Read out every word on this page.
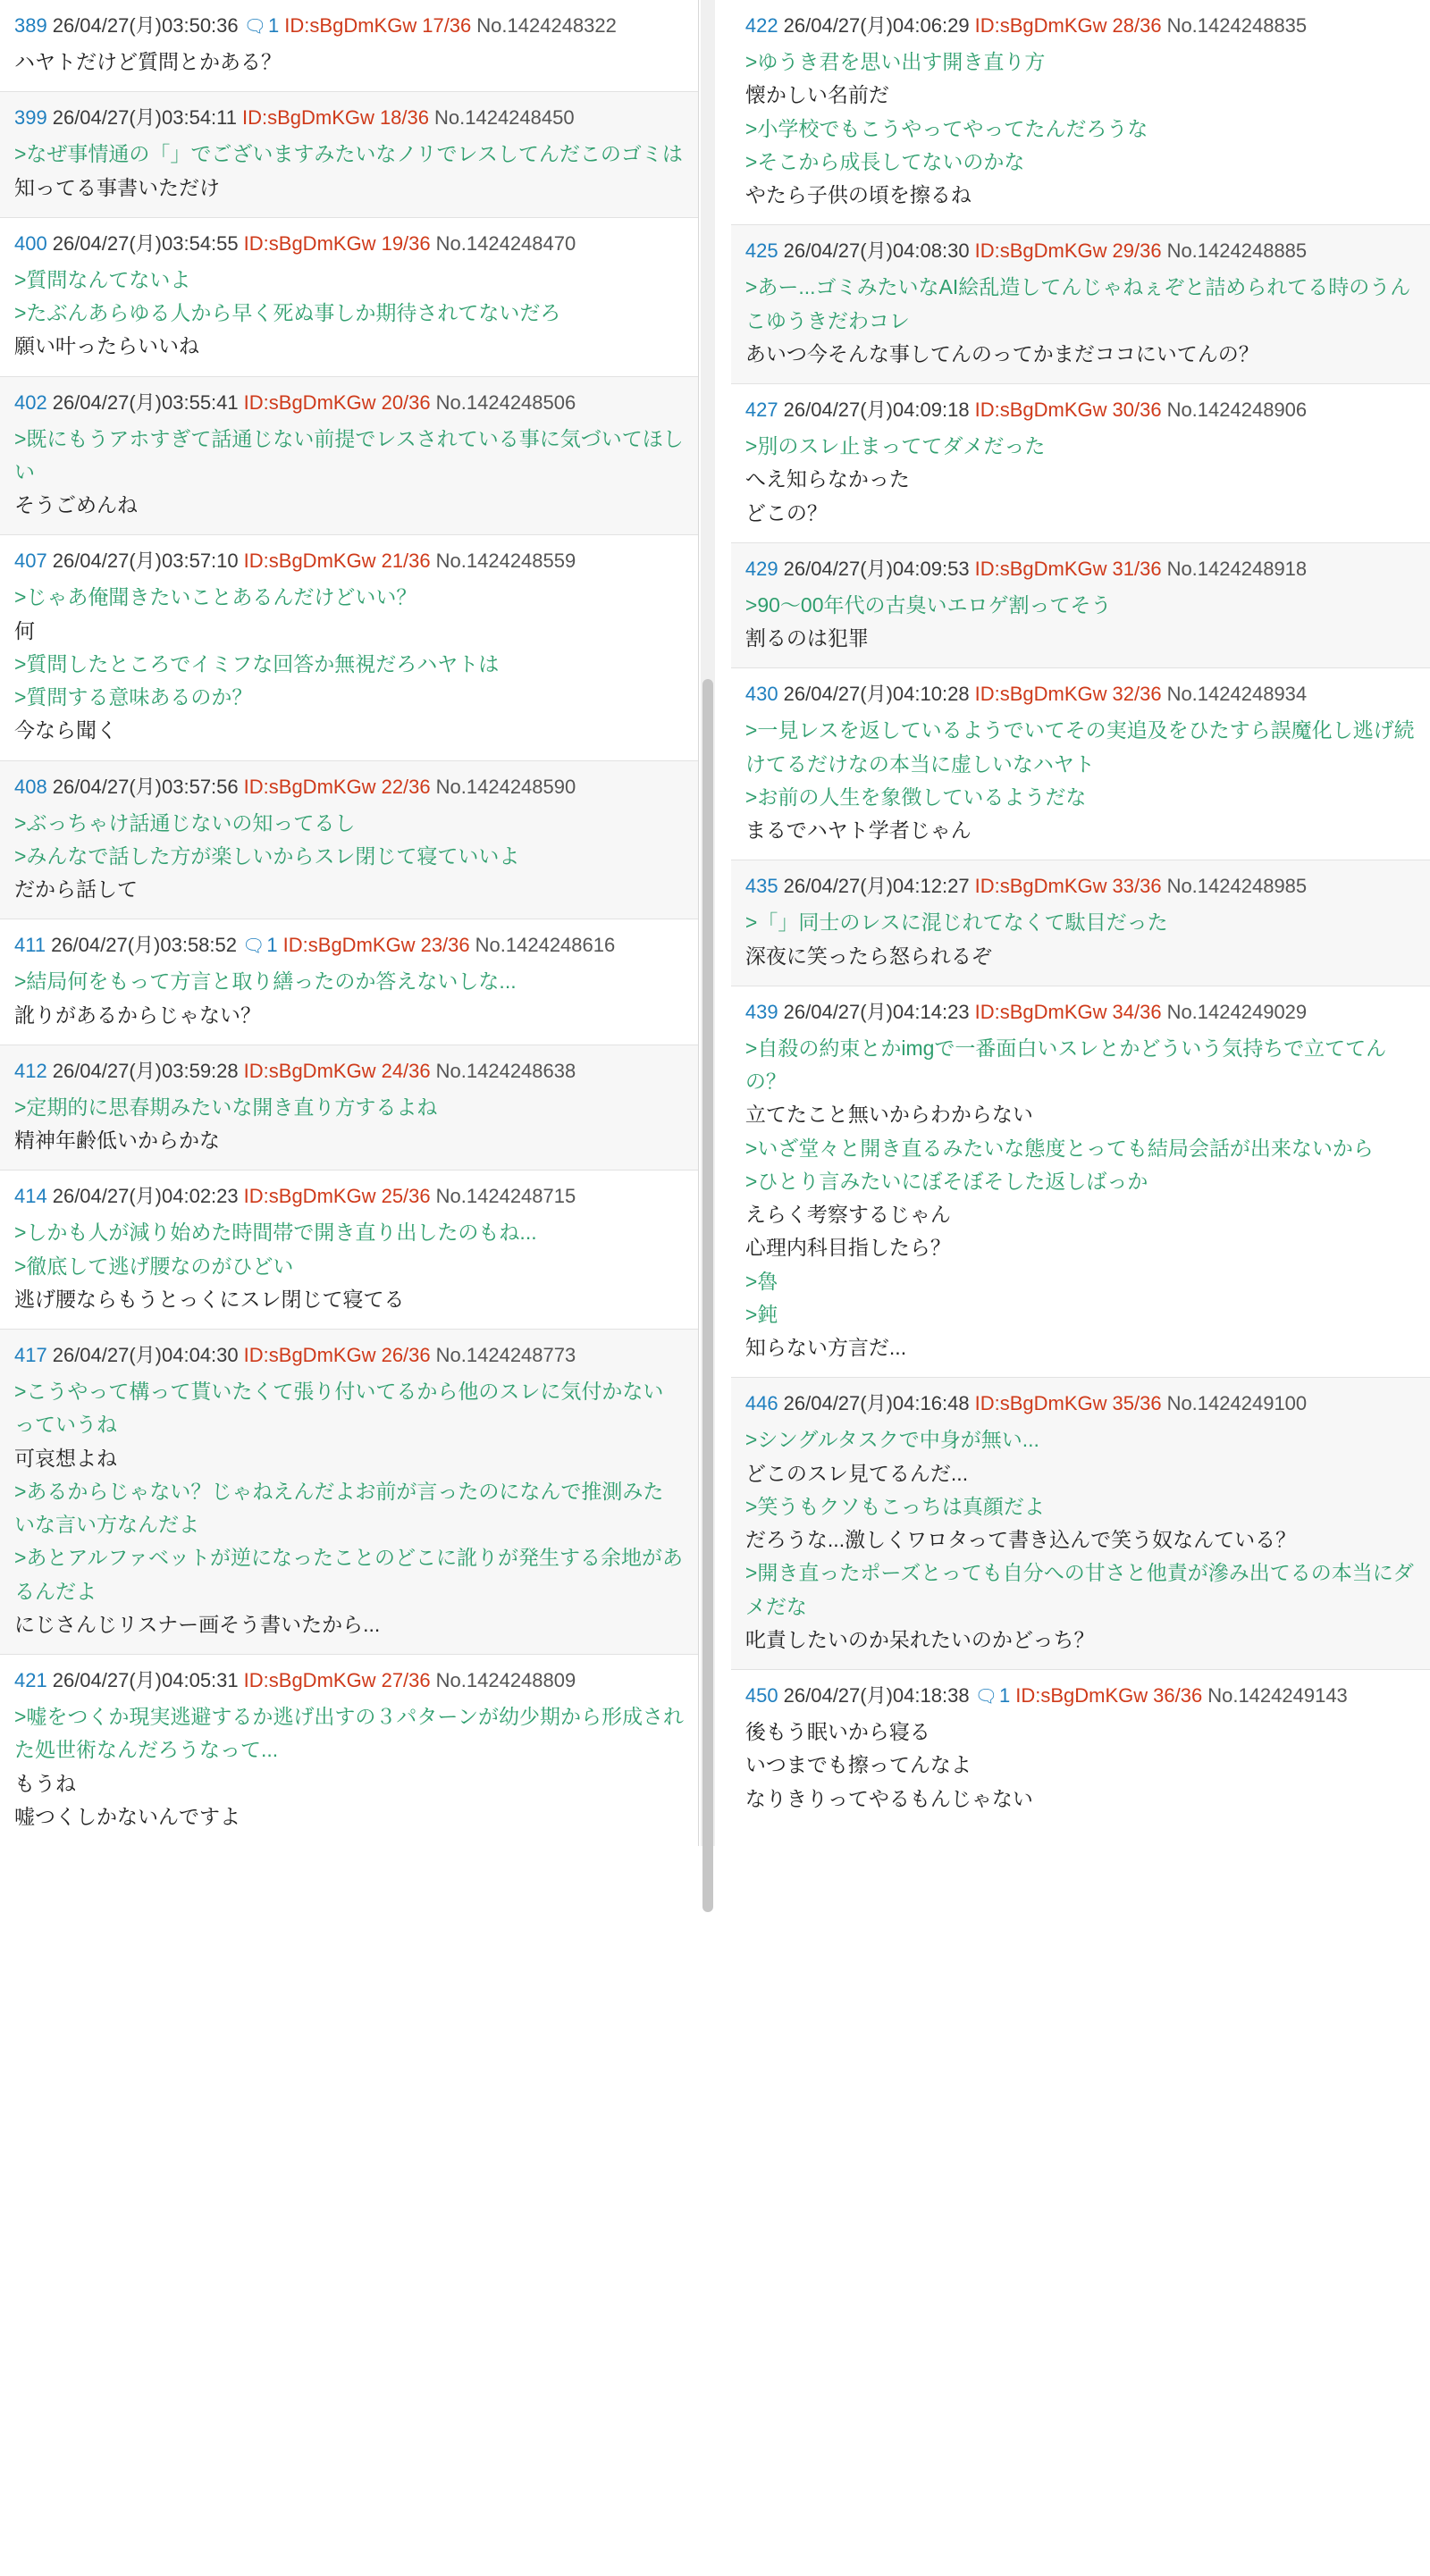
389 26/04/27(月)03:50:36 🗨1 ID:sBgDmKGw 17/36 No.1424248322
ハヤトだけど質問とかある？
399 26/04/27(月)03:54:11 ID:sBgDmKGw 18/36 No.1424248450
>なぜ事情通の「」でございますみたいなノリでレスしてんだこのゴミは
知ってる事書いただけ
400 26/04/27(月)03:54:55 ID:sBgDmKGw 19/36 No.1424248470
>質問なんてないよ
>たぶんあらゆる人から早く死ぬ事しか期待されてないだろ
願い叶ったらいいね
402 26/04/27(月)03:55:41 ID:sBgDmKGw 20/36 No.1424248506
>既にもうアホすぎて話通じない前提でレスされている事に気づいてほしい
そうごめんね
407 26/04/27(月)03:57:10 ID:sBgDmKGw 21/36 No.1424248559
>じゃあ俺聞きたいことあるんだけどいい？
何
>質問したところでイミフな回答か無視だろハヤトは
>質問する意味あるのか？
今なら聞く
408 26/04/27(月)03:57:56 ID:sBgDmKGw 22/36 No.1424248590
>ぶっちゃけ話通じないの知ってるし
>みんなで話した方が楽しいからスレ閉じて寝ていいよ
だから話して
411 26/04/27(月)03:58:52 🗨1 ID:sBgDmKGw 23/36 No.1424248616
>結局何をもって方言と取り繕ったのか答えないしな...
訛りがあるからじゃない？
412 26/04/27(月)03:59:28 ID:sBgDmKGw 24/36 No.1424248638
>定期的に思春期みたいな開き直り方するよね
精神年齢低いからかな
414 26/04/27(月)04:02:23 ID:sBgDmKGw 25/36 No.1424248715
>しかも人が減り始めた時間帯で開き直り出したのもね...
>徹底して逃げ腰なのがひどい
逃げ腰ならもうとっくにスレ閉じて寝てる
417 26/04/27(月)04:04:30 ID:sBgDmKGw 26/36 No.1424248773
>こうやって構って貰いたくて張り付いてるから他のスレに気付かないっていうね
可哀想よね
>あるからじゃない？じゃねえんだよお前が言ったのになんで推測みたいな言い方なんだよ
>あとアルファベットが逆になったことのどこに訛りが発生する余地があるんだよ
にじさんじリスナー画そう書いたから...
421 26/04/27(月)04:05:31 ID:sBgDmKGw 27/36 No.1424248809
>嘘をつくか現実逃避するか逃げ出すの３パターンが幼少期から形成された処世術なんだろうなって...
もうね
嘘つくしかないんですよ
422 26/04/27(月)04:06:29 ID:sBgDmKGw 28/36 No.1424248835
>ゆうき君を思い出す開き直り方
懐かしい名前だ
>小学校でもこうやってやってたんだろうな
>そこから成長してないのかな
やたら子供の頃を擦るね
425 26/04/27(月)04:08:30 ID:sBgDmKGw 29/36 No.1424248885
>あー...ゴミみたいなAI絵乱造してんじゃねぇぞと詰められてる時のうんこゆうきだわコレ
あいつ今そんな事してんのってかまだココにいてんの？
427 26/04/27(月)04:09:18 ID:sBgDmKGw 30/36 No.1424248906
>別のスレ止まっててダメだった
へえ知らなかった
どこの？
429 26/04/27(月)04:09:53 ID:sBgDmKGw 31/36 No.1424248918
>90〜00年代の古臭いエロゲ割ってそう
割るのは犯罪
430 26/04/27(月)04:10:28 ID:sBgDmKGw 32/36 No.1424248934
>一見レスを返しているようでいてその実追及をひたすら誤魔化し逃げ続けてるだけなの本当に虚しいなハヤト
>お前の人生を象徴しているようだな
まるでハヤト学者じゃん
435 26/04/27(月)04:12:27 ID:sBgDmKGw 33/36 No.1424248985
>「」同士のレスに混じれてなくて駄目だった
深夜に笑ったら怒られるぞ
439 26/04/27(月)04:14:23 ID:sBgDmKGw 34/36 No.1424249029
>自殺の約束とかimgで一番面白いスレとかどういう気持ちで立ててんの？
立てたこと無いからわからない
>いざ堂々と開き直るみたいな態度とっても結局会話が出来ないから
>ひとり言みたいにぼそぼそした返しばっか
えらく考察するじゃん
心理内科目指したら？
>魯
>鈍
知らない方言だ...
446 26/04/27(月)04:16:48 ID:sBgDmKGw 35/36 No.1424249100
>シングルタスクで中身が無い...
どこのスレ見てるんだ...
>笑うもクソもこっちは真顔だよ
だろうな...激しくワロタって書き込んで笑う奴なんている？
>開き直ったポーズとっても自分への甘さと他責が滲み出てるの本当にダメだな
叱責したいのか呆れたいのかどっち？
450 26/04/27(月)04:18:38 🗨1 ID:sBgDmKGw 36/36 No.1424249143
後もう眠いから寝る
いつまでも擦ってんなよ
なりきりってやるもんじゃない
